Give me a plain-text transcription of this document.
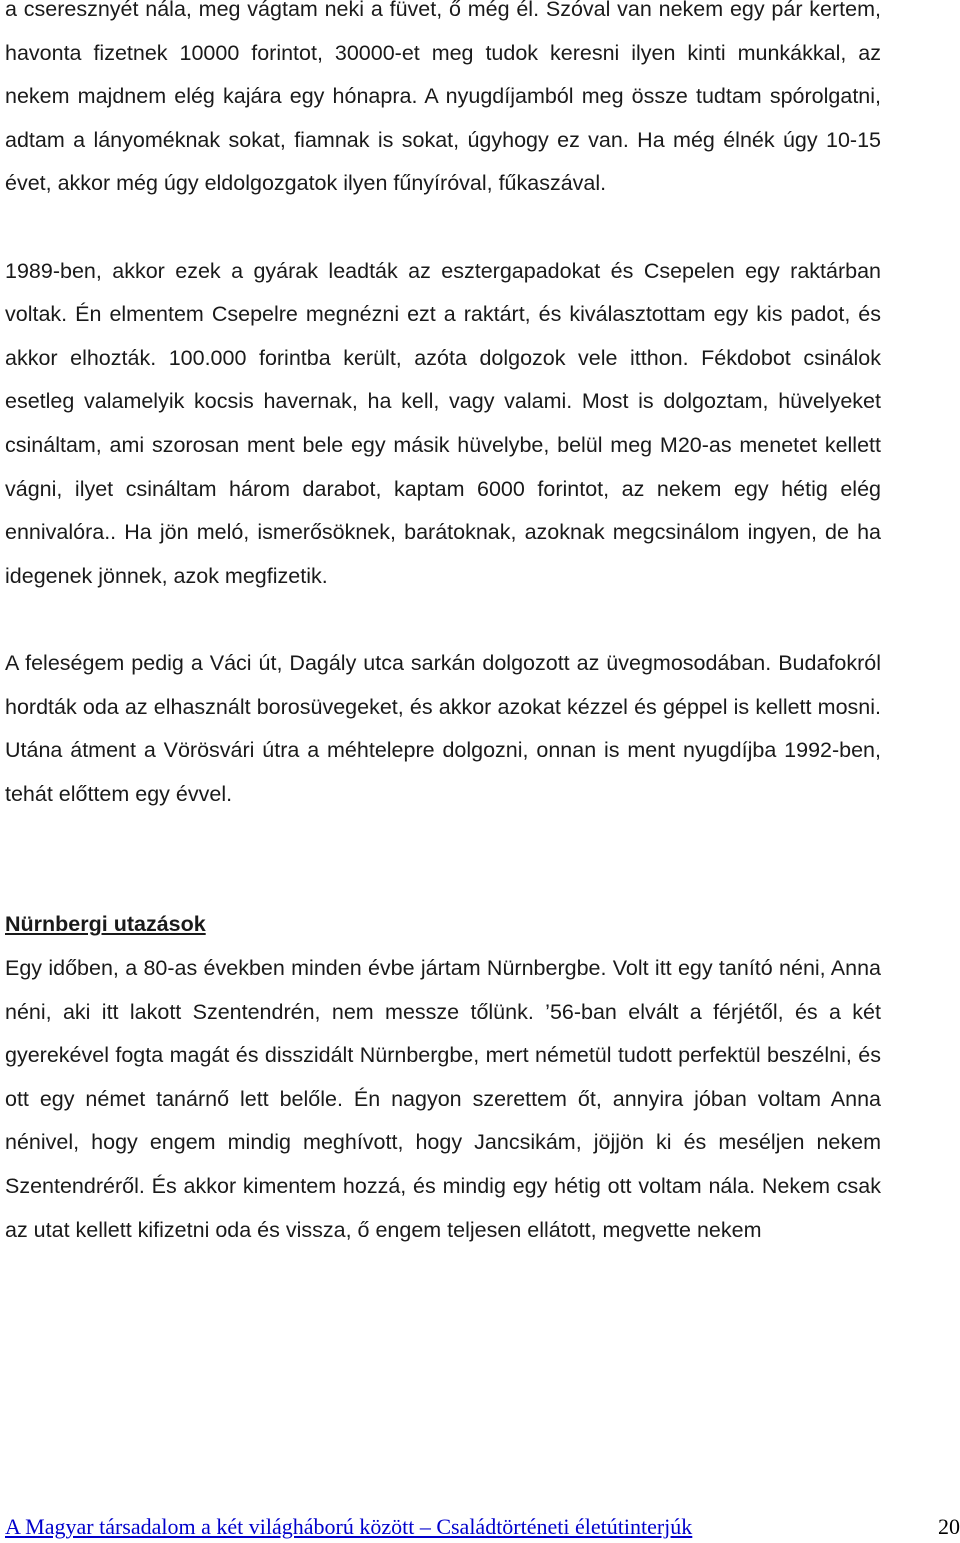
a cseresznyét nála, meg vágtam neki a füvet, ő még él. Szóval van nekem egy pár kertem, havonta fizetnek 10000 forintot, 30000-et meg tudok keresni ilyen kinti munkákkal, az nekem majdnem elég kajára egy hónapra. A nyugdíjamból meg össze tudtam spórolgatni, adtam a lányoméknak sokat, fiamnak is sokat, úgyhogy ez van. Ha még élnék úgy 10-15 évet, akkor még úgy eldolgozgatok ilyen fűnyíróval, fűkaszával.

1989-ben, akkor ezek a gyárak leadták az esztergapadokat és Csepelen egy raktárban voltak. Én elmentem Csepelre megnézni ezt a raktárt, és kiválasztottam egy kis padot, és akkor elhozták. 100.000 forintba került, azóta dolgozok vele itthon. Fékdobot csinálok esetleg valamelyik kocsis havernak, ha kell, vagy valami. Most is dolgoztam, hüvelyeket csináltam, ami szorosan ment bele egy másik hüvelybe, belül meg M20-as menetet kellett vágni, ilyet csináltam három darabot, kaptam 6000 forintot, az nekem egy hétig elég ennivalóra.. Ha jön meló, ismerősöknek, barátoknak, azoknak megcsinálom ingyen, de ha idegenek jönnek, azok megfizetik.

A feleségem pedig a Váci út, Dagály utca sarkán dolgozott az üvegmosodában. Budafokról hordták oda az elhasznált borosüvegeket, és akkor azokat kézzel és géppel is kellett mosni. Utána átment a Vörösvári útra a méhtelepre dolgozni, onnan is ment nyugdíjba 1992-ben, tehát előttem egy évvel.

Nürnbergi utazások

Egy időben, a 80-as években minden évbe jártam Nürnbergbe. Volt itt egy tanító néni, Anna néni, aki itt lakott Szentendrén, nem messze tőlünk. ’56-ban elvált a férjétől, és a két gyerekével fogta magát és disszidált Nürnbergbe, mert németül tudott perfektül beszélni, és ott egy német tanárnő lett belőle. Én nagyon szerettem őt, annyira jóban voltam Anna nénivel, hogy engem mindig meghívott, hogy Jancsikám, jöjjön ki és meséljen nekem Szentendréről. És akkor kimentem hozzá, és mindig egy hétig ott voltam nála. Nekem csak az utat kellett kifizetni oda és vissza, ő engem teljesen ellátott, megvette nekem

A Magyar társadalom a két világháború között – Családtörténeti életútinterjúk	20
